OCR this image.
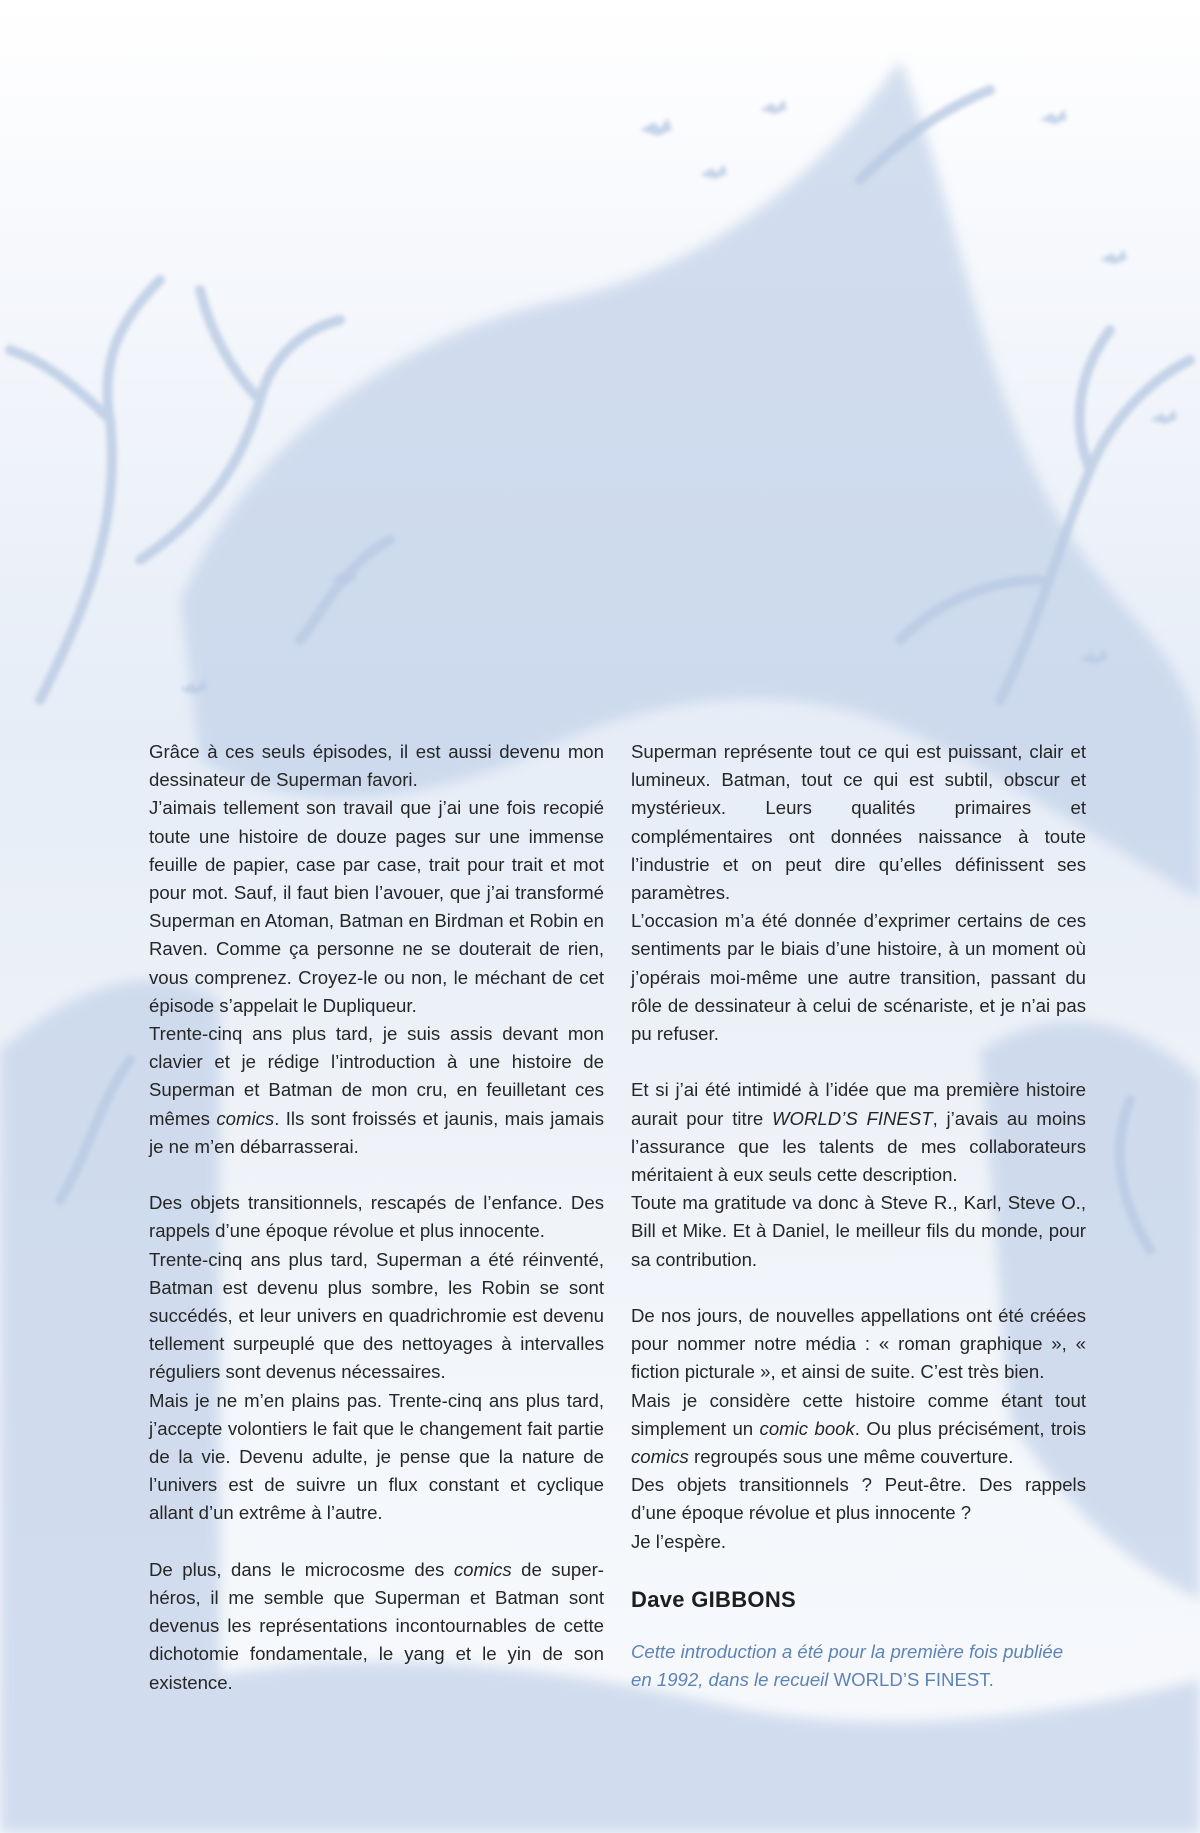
Grâce à ces seuls épisodes, il est aussi devenu mon dessinateur de Superman favori.

J’aimais tellement son travail que j’ai une fois recopié toute une histoire de douze pages sur une immense feuille de papier, case par case, trait pour trait et mot pour mot. Sauf, il faut bien l’avouer, que j’ai transformé Superman en Atoman, Batman en Birdman et Robin en Raven. Comme ça personne ne se douterait de rien, vous comprenez. Croyez-le ou non, le méchant de cet épisode s’appelait le Dupliqueur.

Trente-cinq ans plus tard, je suis assis devant mon clavier et je rédige l’introduction à une histoire de Superman et Batman de mon cru, en feuilletant ces mêmes comics. Ils sont froissés et jaunis, mais jamais je ne m’en débarrasserai.

Des objets transitionnels, rescapés de l’enfance. Des rappels d’une époque révolue et plus innocente.

Trente-cinq ans plus tard, Superman a été réinventé, Batman est devenu plus sombre, les Robin se sont succédés, et leur univers en quadrichromie est devenu tellement surpeuplé que des nettoyages à intervalles réguliers sont devenus nécessaires.

Mais je ne m’en plains pas. Trente-cinq ans plus tard, j’accepte volontiers le fait que le changement fait partie de la vie. Devenu adulte, je pense que la nature de l’univers est de suivre un flux constant et cyclique allant d’un extrême à l’autre.

De plus, dans le microcosme des comics de super-héros, il me semble que Superman et Batman sont devenus les représentations incontournables de cette dichotomie fondamentale, le yang et le yin de son existence.

Superman représente tout ce qui est puissant, clair et lumineux. Batman, tout ce qui est subtil, obscur et mystérieux. Leurs qualités primaires et complémentaires ont données naissance à toute l’industrie et on peut dire qu’elles définissent ses paramètres.

L’occasion m’a été donnée d’exprimer certains de ces sentiments par le biais d’une histoire, à un moment où j’opérais moi-même une autre transition, passant du rôle de dessinateur à celui de scénariste, et je n’ai pas pu refuser.

Et si j’ai été intimidé à l’idée que ma première histoire aurait pour titre WORLD’S FINEST, j’avais au moins l’assurance que les talents de mes collaborateurs méritaient à eux seuls cette description.

Toute ma gratitude va donc à Steve R., Karl, Steve O., Bill et Mike. Et à Daniel, le meilleur fils du monde, pour sa contribution.

De nos jours, de nouvelles appellations ont été créées pour nommer notre média : « roman graphique », « fiction picturale », et ainsi de suite. C’est très bien.

Mais je considère cette histoire comme étant tout simplement un comic book. Ou plus précisément, trois comics regroupés sous une même couverture.

Des objets transitionnels ? Peut-être. Des rappels d’une époque révolue et plus innocente ?

Je l’espère.

Dave GIBBONS
Cette introduction a été pour la première fois publiée en 1992, dans le recueil WORLD’S FINEST.
